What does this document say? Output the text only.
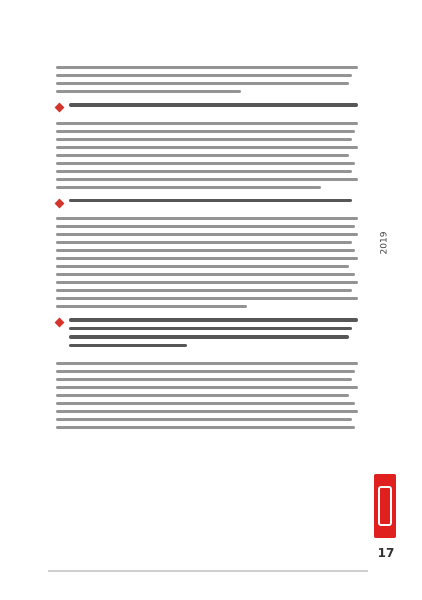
2019
17
